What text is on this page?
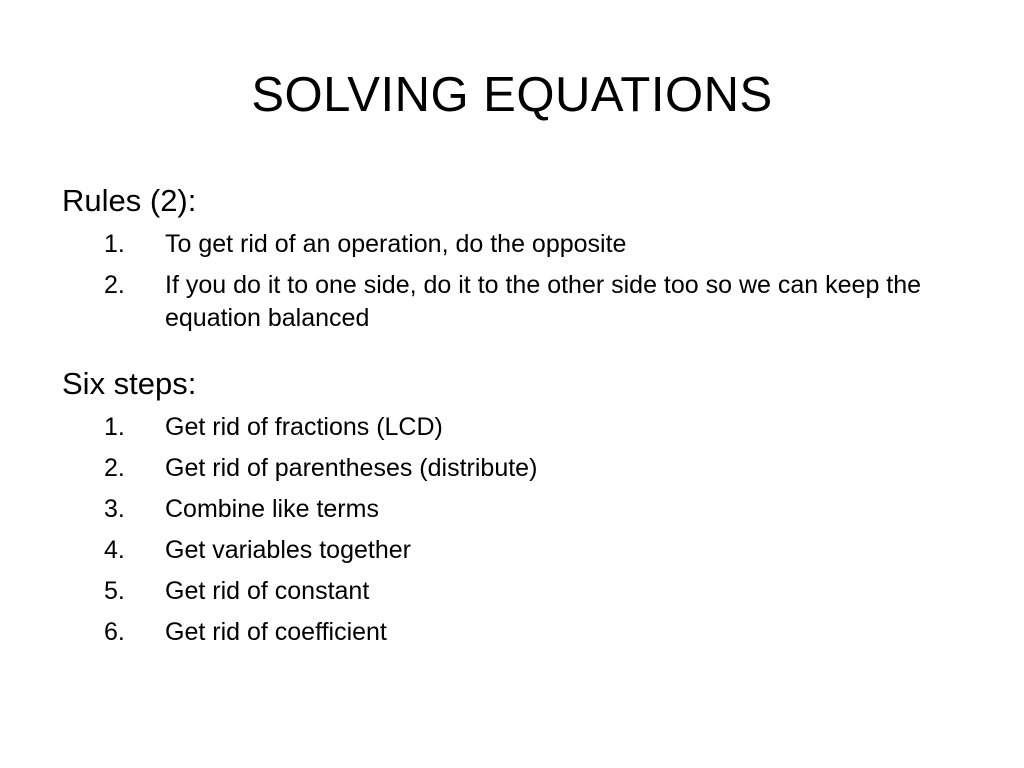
SOLVING EQUATIONS
Rules (2):
1. To get rid of an operation, do the opposite
2. If you do it to one side, do it to the other side too so we can keep the equation balanced
Six steps:
1. Get rid of fractions (LCD)
2. Get rid of parentheses (distribute)
3. Combine like terms
4. Get variables together
5. Get rid of constant
6. Get rid of coefficient
